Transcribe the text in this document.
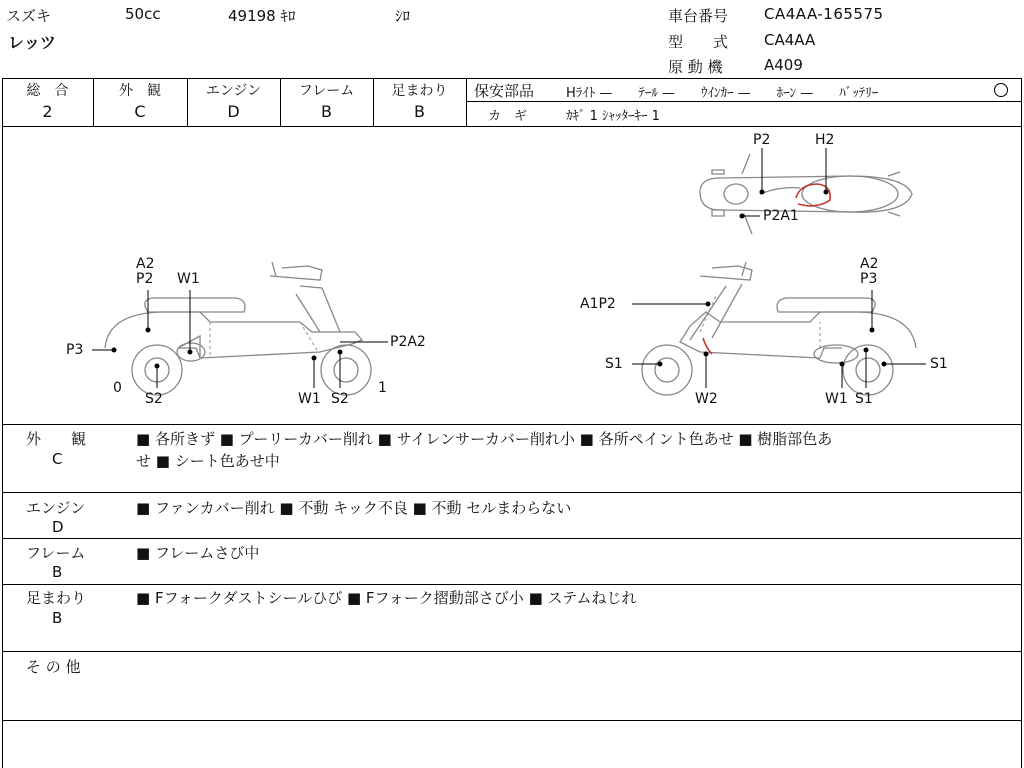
スズキ	50cc	49198 ｷﾛ	ｼﾛ
レッツ
車台番号 CA4AA-165575
型　　式 CA4AA
原 動 機	A409
総　合
2
外　観
C
エンジン
D
フレーム
B
足まわり
B
保安部品 Hﾗｲﾄ —　　ﾃｰﾙ —　　ｳｲﾝｶｰ —　　ﾎｰﾝ —　　ﾊﾞｯﾃﾘｰ
カ　ギ	ｶｷﾞ 1 ｼｬｯﾀｰｷｰ 1
P2	H2
P2A1
A2
P2 W1
P3	P2A2
0
S2	W1 S2
1
A2
P3
A1P2
S1	S1
W2	W1 S1
外　　観
C
■ 各所きず ■ プーリーカバー削れ ■ サイレンサーカバー削れ小 ■ 各所ペイント色あせ ■ 樹脂部色あ
せ ■ シート色あせ中
エンジン
D
■ ファンカバー削れ ■ 不動 キック不良 ■ 不動 セルまわらない
フレーム
B
■ フレームさび中
足まわり
B
■ Fフォークダストシールひび ■ Fフォーク摺動部さび小 ■ ステムねじれ
そ の 他
